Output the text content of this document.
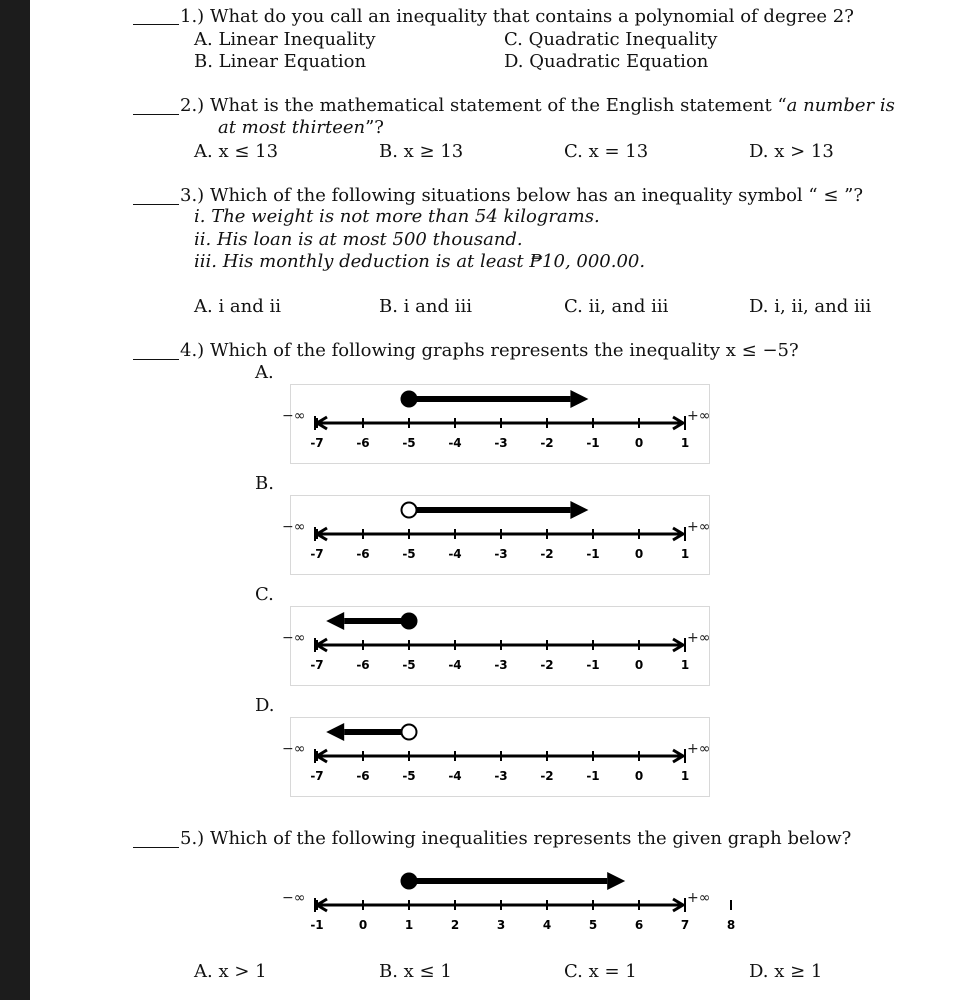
1.) What do you call an inequality that contains a polynomial of degree 2?
A. Linear Inequality
B. Linear Equation
C. Quadratic Inequality
D. Quadratic Equation
2.) What is the mathematical statement of the English statement “a number is
at most thirteen”?
A. x ≤ 13	B. x ≥ 13	C. x = 13	D. x > 13
3.) Which of the following situations below has an inequality symbol “ ≤ ”?
i. The weight is not more than 54 kilograms.
ii. His loan is at most 500 thousand.
iii. His monthly deduction is at least ₱10, 000.00.
A. i and ii	B. i and iii	C. ii, and iii	D. i, ii, and iii
4.) Which of the following graphs represents the inequality x ≤ −5?
A.
−∞	+∞
-7	-6	-5	-4	-3	-2	-1	0	1
B.
−∞	+∞
-7	-6	-5	-4	-3	-2	-1	0	1
C.
−∞	+∞
-7	-6	-5	-4	-3	-2	-1	0	1
D.
−∞	+∞
-7	-6	-5	-4	-3	-2	-1	0	1
5.) Which of the following inequalities represents the given graph below?
−∞	+∞
-1	0	1	2	3	4	5	6	7	8
A. x > 1	B. x ≤ 1	C. x = 1	D. x ≥ 1
